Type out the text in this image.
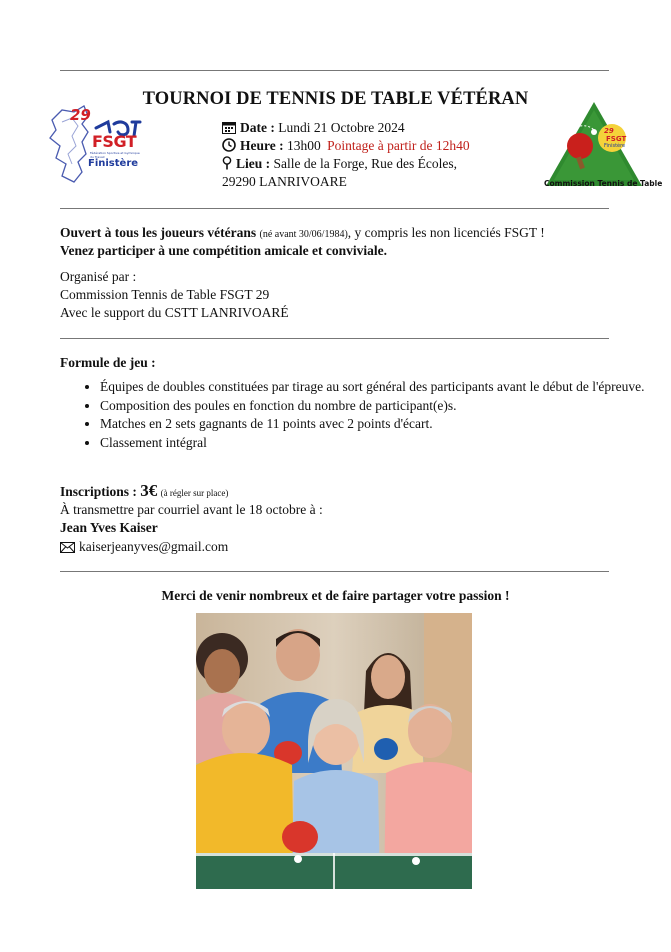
29
FSGT
Fédération Sportive et Gymnique du Travail
Finistère
29
FSGT
Finistère
Commission Tennis de Table
TOURNOI DE TENNIS DE TABLE VÉTÉRAN
Date : Lundi 21 Octobre 2024
Heure : 13h00 Pointage à partir de 12h40
Lieu : Salle de la Forge, Rue des Écoles,
29290 LANRIVOARE
Ouvert à tous les joueurs vétérans (né avant 30/06/1984), y compris les non licenciés FSGT !
Venez participer à une compétition amicale et conviviale.
Organisé par :
Commission Tennis de Table FSGT 29
Avec le support du CSTT LANRIVOARÉ
Formule de jeu :
• Équipes de doubles constituées par tirage au sort général des participants avant le début de l'épreuve.
• Composition des poules en fonction du nombre de participant(e)s.
• Matches en 2 sets gagnants de 11 points avec 2 points d'écart.
• Classement intégral
Inscriptions : 3€ (à régler sur place)
À transmettre par courriel avant le 18 octobre à :
Jean Yves Kaiser
kaiserjeanyves@gmail.com
Merci de venir nombreux et de faire partager votre passion !
